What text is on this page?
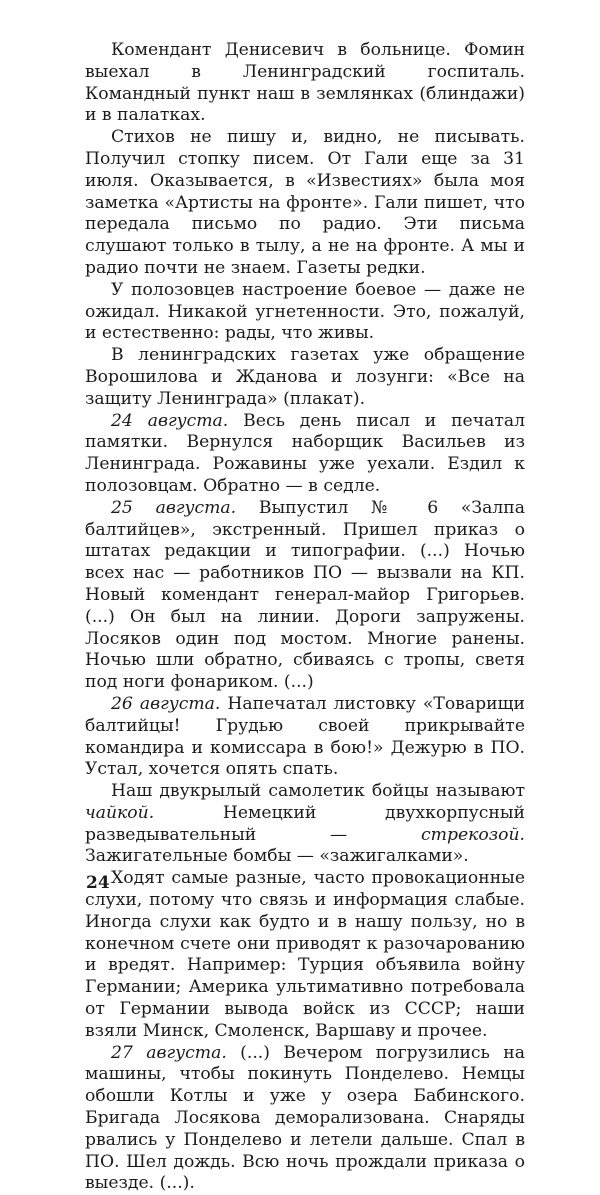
Комендант Денисевич в больнице. Фомин выехал в Ленинградский госпиталь. Командный пункт наш в землянках (блиндажи) и в палатках.

Стихов не пишу и, видно, не писывать. Получил стопку писем. От Гали еще за 31 июля. Оказывается, в «Известиях» была моя заметка «Артисты на фронте». Гали пишет, что передала письмо по радио. Эти письма слушают только в тылу, а не на фронте. А мы и радио почти не знаем. Газеты редки.

У полозовцев настроение боевое — даже не ожидал. Никакой угнетенности. Это, пожалуй, и естественно: рады, что живы.

В ленинградских газетах уже обращение Ворошилова и Жданова и лозунги: «Все на защиту Ленинграда» (плакат).

24 августа. Весь день писал и печатал памятки. Вернулся наборщик Васильев из Ленинграда. Рожавины уже уехали. Ездил к полозовцам. Обратно — в седле.

25 августа. Выпустил № 6 «Залпа балтийцев», экстренный. Пришел приказ о штатах редакции и типографии. (...) Ночью всех нас — работников ПО — вызвали на КП. Новый комендант генерал-майор Григорьев. (...) Он был на линии. Дороги запружены. Лосяков один под мостом. Многие ранены. Ночью шли обратно, сбиваясь с тропы, светя под ноги фонариком. (...)

26 августа. Напечатал листовку «Товарищи балтийцы! Грудью своей прикрывайте командира и комиссара в бою!» Дежурю в ПО. Устал, хочется опять спать.

Наш двукрылый самолетик бойцы называют чайкой. Немецкий двухкорпусный разведывательный — стрекозой. Зажигательные бомбы — «зажигалками».

Ходят самые разные, часто провокационные слухи, потому что связь и информация слабые. Иногда слухи как будто и в нашу пользу, но в конечном счете они приводят к разочарованию и вредят. Например: Турция объявила войну Германии; Америка ультимативно потребовала от Германии вывода войск из СССР; наши взяли Минск, Смоленск, Варшаву и прочее.

27 августа. (...) Вечером погрузились на машины, чтобы покинуть Понделево. Немцы обошли Котлы и уже у озера Бабинского. Бригада Лосякова деморализована. Снаряды рвались у Понделево и летели дальше. Спал в ПО. Шел дождь. Всю ночь прождали приказа о выезде. (...).

24
